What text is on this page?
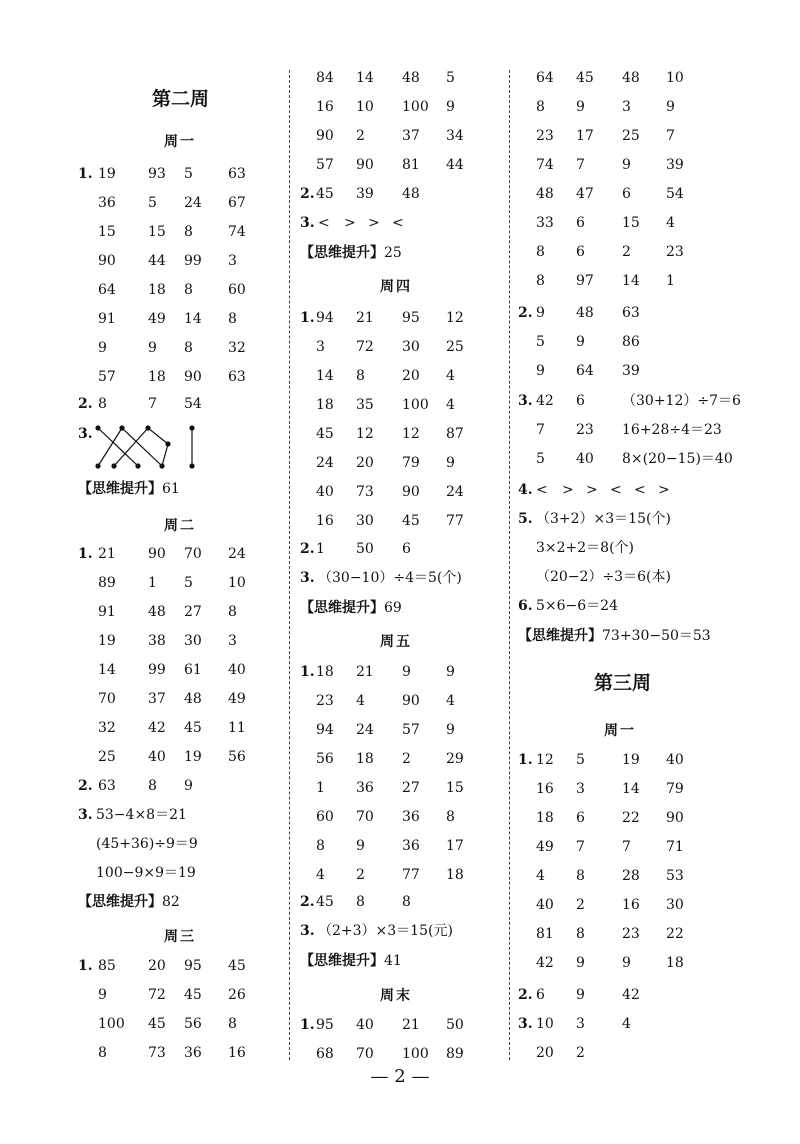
第二周
周一
1. 19 93 5	63
36 5 24 67
15 15 8	74
90 44 99 3
64 18 8	60
91 49 14 8
9	9 8	32
57 18 90 63
2. 8	7 54
3.
【思维提升】61
周二
1. 21 90 70 24
89 1 5	10
91 48 27 8
19 38 30 3
14 99 61 40
70 37 48 49
32 42 45 11
25 40 19 56
2. 63 8 9
3. 53−4×8＝21
(45+36)÷9＝9
100−9×9＝19
【思维提升】82
周三
1. 85 20 95 45
9	72 45 26
100 45 56 8
8	73 36 16
84 14 48 5
16 10 100 9
90 2	37 34
57 90 81 44
2. 45 39 48
3. < > > <
【思维提升】25
周四
1. 94 21 95 12
3 72 30 25
14 8	20 4
18 35 100 4
45 12 12 87
24 20 79 9
40 73 90 24
16 30 45 77
2. 1 50 6
3. （30−10）÷4＝5(个)
【思维提升】69
周五
1. 18 21 9	9
23 4	90 4
94 24 57 9
56 18 2	29
1 36 27 15
60 70 36 8
8 9	36 17
4 2	77 18
2. 45 8	8
3. （2+3）×3＝15(元)
【思维提升】41
周末
1. 95 40 21 50
68 70 100 89
64 45 48 10
8 9	3	9
23 17 25 7
74 7	9	39
48 47 6	54
33 6	15 4
8 6	2	23
8 97 14 1
2. 9 48 63
5 9	86
9 64 39
3. 42 6	（30+12）÷7＝6
7 23 16+28÷4＝23
5 40 8×(20−15)＝40
4. < > > < < >
5. （3+2）×3＝15(个)
3×2+2＝8(个)
（20−2）÷3＝6(本)
6. 5×6−6＝24
【思维提升】73+30−50＝53
第三周
周一
1. 12 5	19 40
16 3	14 79
18 6	22 90
49 7	7	71
4 8	28 53
40 2	16 30
81 8	23 22
42 9	9	18
2. 6 9	42
3. 10 3	4
20 2
— 2 —
